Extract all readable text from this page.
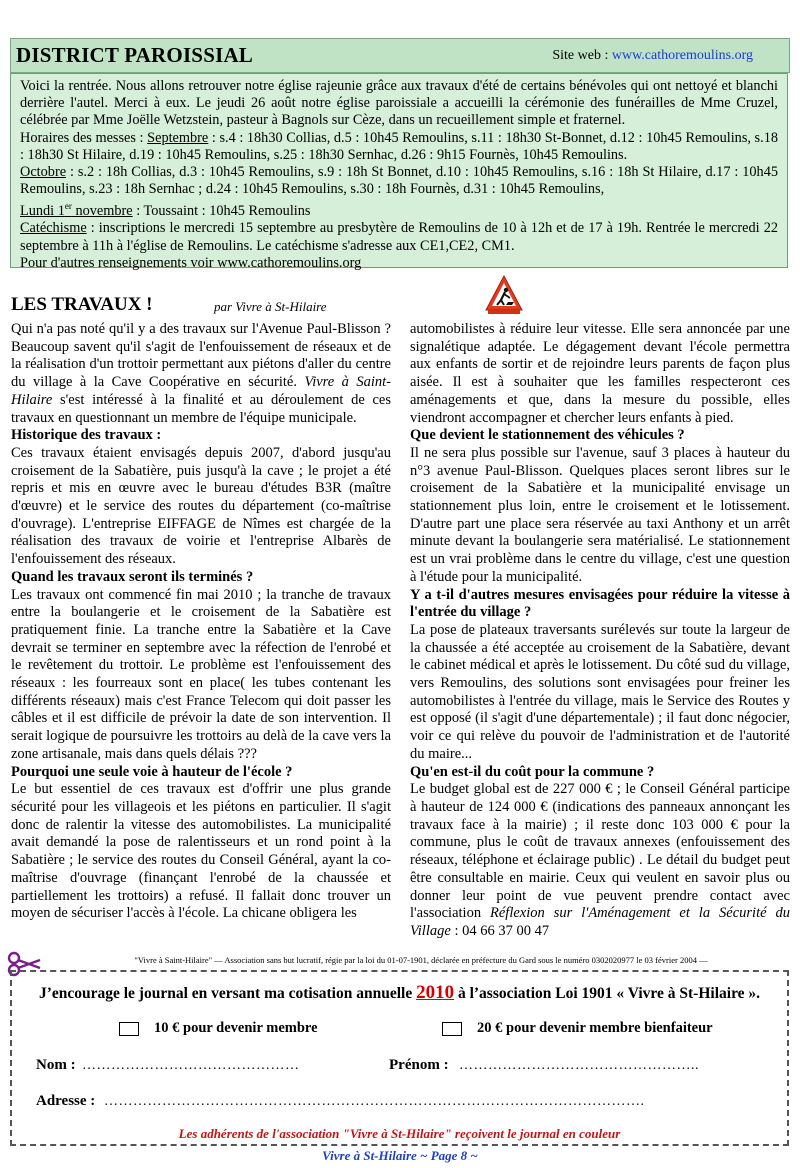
DISTRICT PAROISSIAL	Site web : www.cathoremoulins.org

Voici la rentrée. Nous allons retrouver notre église rajeunie grâce aux travaux d'été de certains bénévoles qui ont nettoyé et blanchi derrière l'autel. Merci à eux. Le jeudi 26 août notre église paroissiale a accueilli la cérémonie des funérailles de Mme Cruzel, célébrée par Mme Joëlle Wetzstein, pasteur à Bagnols sur Cèze, dans un recueillement simple et fraternel.

Horaires des messes : Septembre : s.4 : 18h30 Collias, d.5 : 10h45 Remoulins, s.11 : 18h30 St-Bonnet, d.12 : 10h45 Remoulins, s.18 : 18h30 St Hilaire, d.19 : 10h45 Remoulins, s.25 : 18h30 Sernhac, d.26 : 9h15 Fournès, 10h45 Remoulins.

Octobre : s.2 : 18h Collias, d.3 : 10h45 Remoulins, s.9 : 18h St Bonnet, d.10 : 10h45 Remoulins, s.16 : 18h St Hilaire, d.17 : 10h45 Remoulins, s.23 : 18h Sernhac ; d.24 : 10h45 Remoulins, s.30 : 18h Fournès, d.31 : 10h45 Remoulins,

Lundi 1er novembre : Toussaint : 10h45 Remoulins

Catéchisme : inscriptions le mercredi 15 septembre au presbytère de Remoulins de 10 à 12h et de 17 à 19h. Rentrée le mercredi 22 septembre à 11h à l'église de Remoulins. Le catéchisme s'adresse aux CE1,CE2, CM1.

Pour d'autres renseignements voir www.cathoremoulins.org

LES TRAVAUX !	par Vivre à St-Hilaire

Qui n'a pas noté qu'il y a des travaux sur l'Avenue Paul-Blisson ? Beaucoup savent qu'il s'agit de l'enfouissement de réseaux et de la réalisation d'un trottoir permettant aux piétons d'aller du centre du village à la Cave Coopérative en sécurité. Vivre à Saint-Hilaire s'est intéressé à la finalité et au déroulement de ces travaux en questionnant un membre de l'équipe municipale.

Historique des travaux :

Ces travaux étaient envisagés depuis 2007, d'abord jusqu'au croisement de la Sabatière, puis jusqu'à la cave ; le projet a été repris et mis en œuvre avec le bureau d'études B3R (maître d'œuvre) et le service des routes du département (co-maîtrise d'ouvrage). L'entreprise EIFFAGE de Nîmes est chargée de la réalisation des travaux de voirie et l'entreprise Albarès de l'enfouissement des réseaux.

Quand les travaux seront ils terminés ?

Les travaux ont commencé fin mai 2010 ; la tranche de travaux entre la boulangerie et le croisement de la Sabatière est pratiquement finie. La tranche entre la Sabatière et la Cave devrait se terminer en septembre avec la réfection de l'enrobé et le revêtement du trottoir. Le problème est l'enfouissement des réseaux : les fourreaux sont en place( les tubes contenant les différents réseaux) mais c'est France Telecom qui doit passer les câbles et il est difficile de prévoir la date de son intervention. Il serait logique de poursuivre les trottoirs au delà de la cave vers la zone artisanale, mais dans quels délais ???

Pourquoi une seule voie à hauteur de l'école ?

Le but essentiel de ces travaux est d'offrir une plus grande sécurité pour les villageois et les piétons en particulier. Il s'agit donc de ralentir la vitesse des automobilistes. La municipalité avait demandé la pose de ralentisseurs et un rond point à la Sabatière ; le service des routes du Conseil Général, ayant la co-maîtrise d'ouvrage (finançant l'enrobé de la chaussée et partiellement les trottoirs) a refusé. Il fallait donc trouver un moyen de sécuriser l'accès à l'école. La chicane obligera les

automobilistes à réduire leur vitesse. Elle sera annoncée par une signalétique adaptée. Le dégagement devant l'école permettra aux enfants de sortir et de rejoindre leurs parents de façon plus aisée. Il est à souhaiter que les familles respecteront ces aménagements et que, dans la mesure du possible, elles viendront accompagner et chercher leurs enfants à pied.

Que devient le stationnement des véhicules ?

Il ne sera plus possible sur l'avenue, sauf 3 places à hauteur du n°3 avenue Paul-Blisson. Quelques places seront libres sur le croisement de la Sabatière et la municipalité envisage un stationnement plus loin, entre le croisement et le lotissement. D'autre part une place sera réservée au taxi Anthony et un arrêt minute devant la boulangerie sera matérialisé. Le stationnement est un vrai problème dans le centre du village, c'est une question à l'étude pour la municipalité.

Y a t-il d'autres mesures envisagées pour réduire la vitesse à l'entrée du village ?

La pose de plateaux traversants surélevés sur toute la largeur de la chaussée a été acceptée au croisement de la Sabatière, devant le cabinet médical et après le lotissement. Du côté sud du village, vers Remoulins, des solutions sont envisagées pour freiner les automobilistes à l'entrée du village, mais le Service des Routes y est opposé (il s'agit d'une départementale) ; il faut donc négocier, voir ce qui relève du pouvoir de l'administration et de l'autorité du maire...

Qu'en est-il du coût pour la commune ?

Le budget global est de 227 000 € ; le Conseil Général participe à hauteur de 124 000 € (indications des panneaux annonçant les travaux face à la mairie) ; il reste donc 103 000 € pour la commune, plus le coût de travaux annexes (enfouissement des réseaux, téléphone et éclairage public) . Le détail du budget peut être consultable en mairie. Ceux qui veulent en savoir plus ou donner leur point de vue peuvent prendre contact avec l'association Réflexion sur l'Aménagement et la Sécurité du Village : 04 66 37 00 47

"Vivre à Saint-Hilaire" — Association sans but lucratif, régie par la loi du 01-07-1901, déclarée en préfecture du Gard sous le numéro 0302020977 le 03 février 2004 —
J’encourage le journal en versant ma cotisation annuelle 2010 à l’association Loi 1901 « Vivre à St-Hilaire ».
10 € pour devenir membre	20 € pour devenir membre bienfaiteur
Nom : ………………………………………	Prénom : …………………………………………..
Adresse : ………………………………………………………………………………………………….
Les adhérents de l'association "Vivre à St-Hilaire" reçoivent le journal en couleur
Vivre à St-Hilaire ~ Page 8 ~
